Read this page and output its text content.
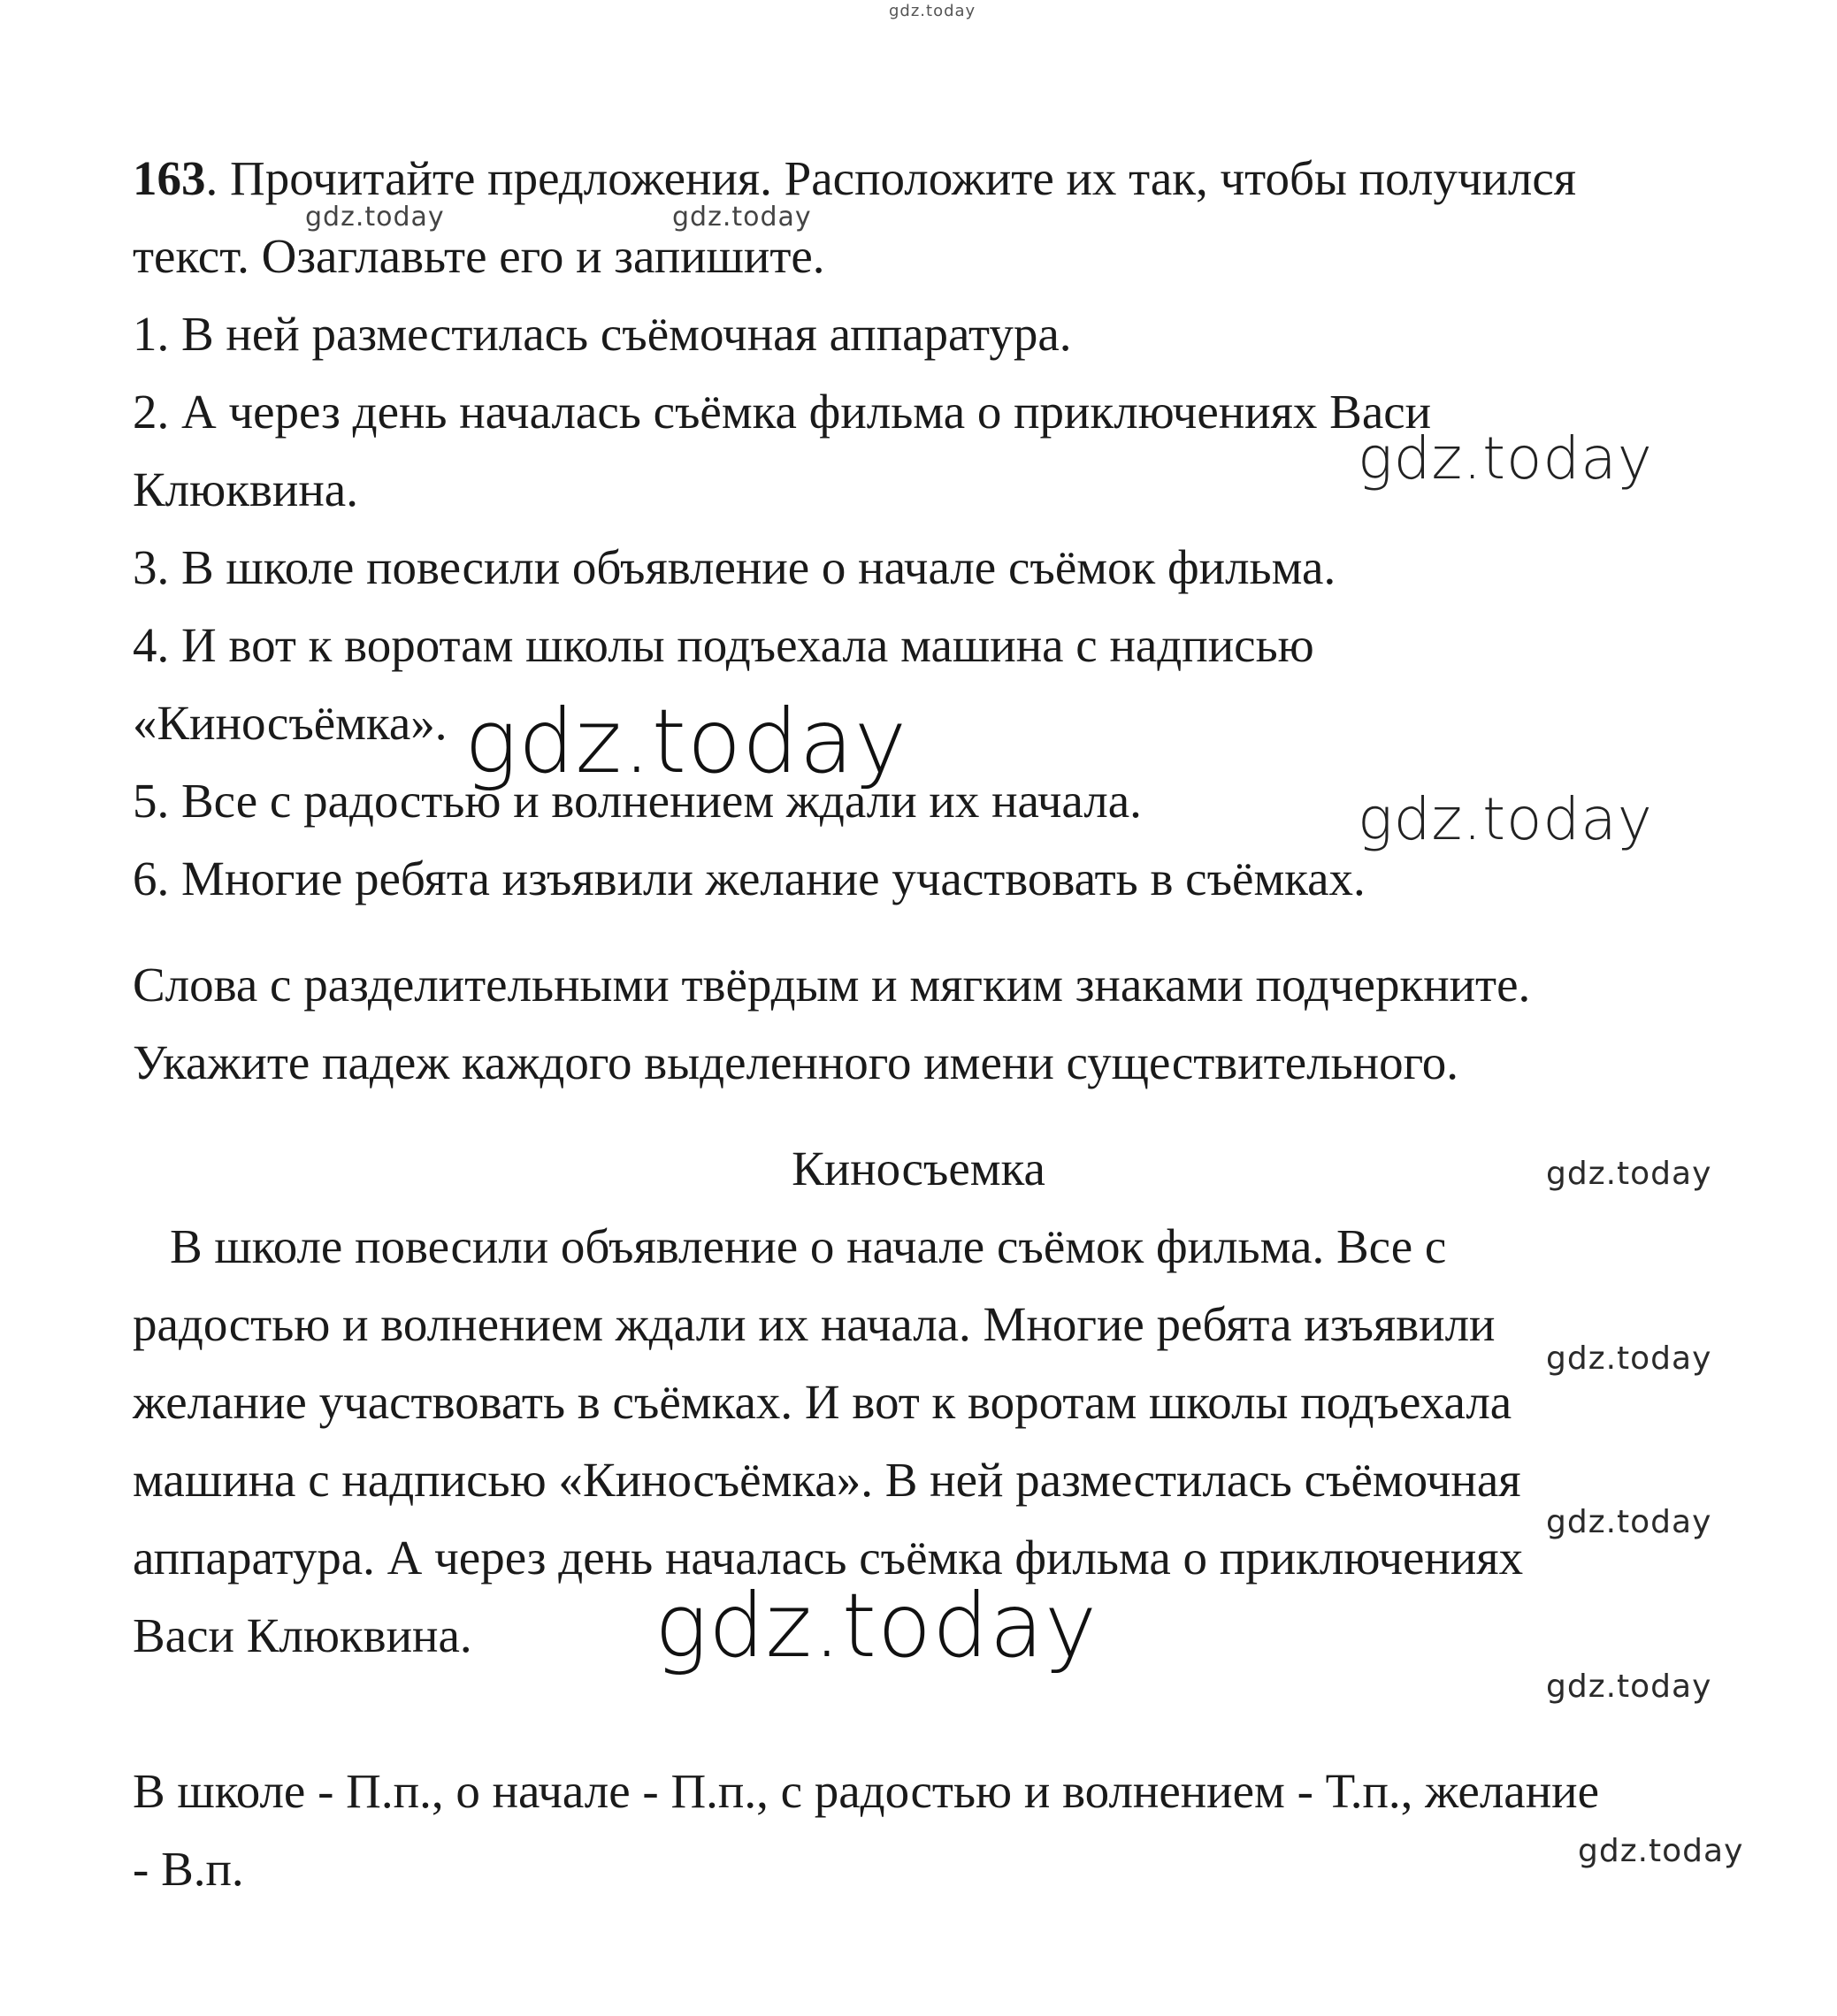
163. Прочитайте предложения. Расположите их так, чтобы получился
текст. Озаглавьте его и запишите.
1. В ней разместилась съёмочная аппаратура.
2. А через день началась съёмка фильма о приключениях Васи
Клюквина.
3. В школе повесили объявление о начале съёмок фильма.
4. И вот к воротам школы подъехала машина с надписью
«Киносъёмка».
5. Все с радостью и волнением ждали их начала.
6. Многие ребята изъявили желание участвовать в съёмках.
Слова с разделительными твёрдым и мягким знаками подчеркните.
Укажите падеж каждого выделенного имени существительного.
Киносъемка
В школе повесили объявление о начале съёмок фильма. Все с
радостью и волнением ждали их начала. Многие ребята изъявили
желание участвовать в съёмках. И вот к воротам школы подъехала
машина с надписью «Киносъёмка». В ней разместилась съёмочная
аппаратура. А через день началась съёмка фильма о приключениях
Васи Клюквина.
В школе - П.п., о начале - П.п., с радостью и волнением - Т.п., желание
- В.п.
gdz.today
gdz.today	gdz.today
gdz.today
gdz.today
gdz.today
gdz.today
gdz.today
gdz.today
gdz.today
gdz.today
gdz.today
